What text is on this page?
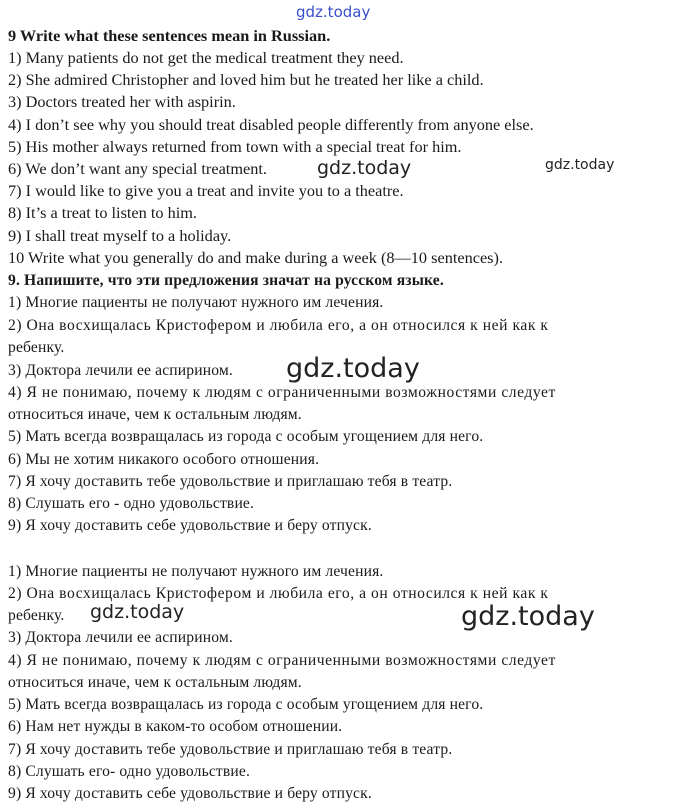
9 Write what these sentences mean in Russian.
1) Many patients do not get the medical treatment they need.
2) She admired Christopher and loved him but he treated her like a child.
3) Doctors treated her with aspirin.
4) I don’t see why you should treat disabled people differently from anyone else.
5) His mother always returned from town with a special treat for him.
6) We don’t want any special treatment.
7) I would like to give you a treat and invite you to a theatre.
8) It’s a treat to listen to him.
9) I shall treat myself to a holiday.
10 Write what you generally do and make during a week (8—10 sentences).
9. Напишите, что эти предложения значат на русском языке.
1) Многие пациенты не получают нужного им лечения.
2) Она восхищалась Кристофером и любила его, а он относился к ней как к
ребенку.
3) Доктора лечили ее аспирином.
4) Я не понимаю, почему к людям с ограниченными возможностями следует
относиться иначе, чем к остальным людям.
5) Мать всегда возвращалась из города с особым угощением для него.
6) Мы не хотим никакого особого отношения.
7) Я хочу доставить тебе удовольствие и приглашаю тебя в театр.
8) Слушать его - одно удовольствие.
9) Я хочу доставить себе удовольствие и беру отпуск.
1) Многие пациенты не получают нужного им лечения.
2) Она восхищалась Кристофером и любила его, а он относился к ней как к
ребенку.
3) Доктора лечили ее аспирином.
4) Я не понимаю, почему к людям с ограниченными возможностями следует
относиться иначе, чем к остальным людям.
5) Мать всегда возвращалась из города с особым угощением для него.
6) Нам нет нужды в каком-то особом отношении.
7) Я хочу доставить тебе удовольствие и приглашаю тебя в театр.
8) Слушать его- одно удовольствие.
9) Я хочу доставить себе удовольствие и беру отпуск.
gdz.today
gdz.today	gdz.today
gdz.today
gdz.today	gdz.today
